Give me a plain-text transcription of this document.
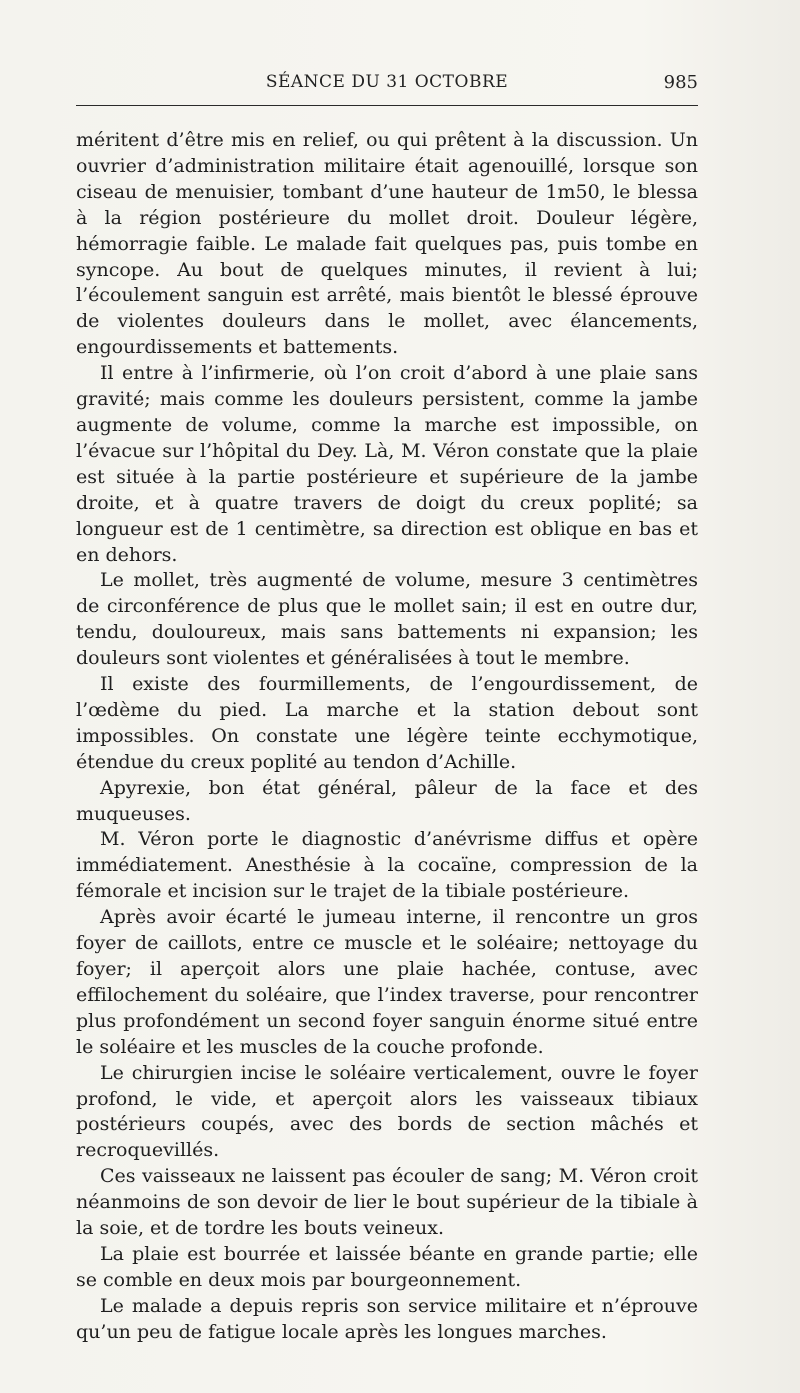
SÉANCE DU 31 OCTOBRE	985

méritent d’être mis en relief, ou qui prêtent à la discussion. Un ouvrier d’administration militaire était agenouillé, lorsque son ciseau de menuisier, tombant d’une hauteur de 1m50, le blessa à la région postérieure du mollet droit. Douleur légère, hémorragie faible. Le malade fait quelques pas, puis tombe en syncope. Au bout de quelques minutes, il revient à lui; l’écoulement sanguin est arrêté, mais bientôt le blessé éprouve de violentes douleurs dans le mollet, avec élancements, engourdissements et battements.

Il entre à l’infirmerie, où l’on croit d’abord à une plaie sans gravité; mais comme les douleurs persistent, comme la jambe augmente de volume, comme la marche est impossible, on l’évacue sur l’hôpital du Dey. Là, M. Véron constate que la plaie est située à la partie postérieure et supérieure de la jambe droite, et à quatre travers de doigt du creux poplité; sa longueur est de 1 centimètre, sa direction est oblique en bas et en dehors.

Le mollet, très augmenté de volume, mesure 3 centimètres de circonférence de plus que le mollet sain; il est en outre dur, tendu, douloureux, mais sans battements ni expansion; les douleurs sont violentes et généralisées à tout le membre.

Il existe des fourmillements, de l’engourdissement, de l’œdème du pied. La marche et la station debout sont impossibles. On constate une légère teinte ecchymotique, étendue du creux poplité au tendon d’Achille.

Apyrexie, bon état général, pâleur de la face et des muqueuses.

M. Véron porte le diagnostic d’anévrisme diffus et opère immédiatement. Anesthésie à la cocaïne, compression de la fémorale et incision sur le trajet de la tibiale postérieure.

Après avoir écarté le jumeau interne, il rencontre un gros foyer de caillots, entre ce muscle et le soléaire; nettoyage du foyer; il aperçoit alors une plaie hachée, contuse, avec effilochement du soléaire, que l’index traverse, pour rencontrer plus profondément un second foyer sanguin énorme situé entre le soléaire et les muscles de la couche profonde.

Le chirurgien incise le soléaire verticalement, ouvre le foyer profond, le vide, et aperçoit alors les vaisseaux tibiaux postérieurs coupés, avec des bords de section mâchés et recroquevillés.

Ces vaisseaux ne laissent pas écouler de sang; M. Véron croit néanmoins de son devoir de lier le bout supérieur de la tibiale à la soie, et de tordre les bouts veineux.

La plaie est bourrée et laissée béante en grande partie; elle se comble en deux mois par bourgeonnement.

Le malade a depuis repris son service militaire et n’éprouve qu’un peu de fatigue locale après les longues marches.
